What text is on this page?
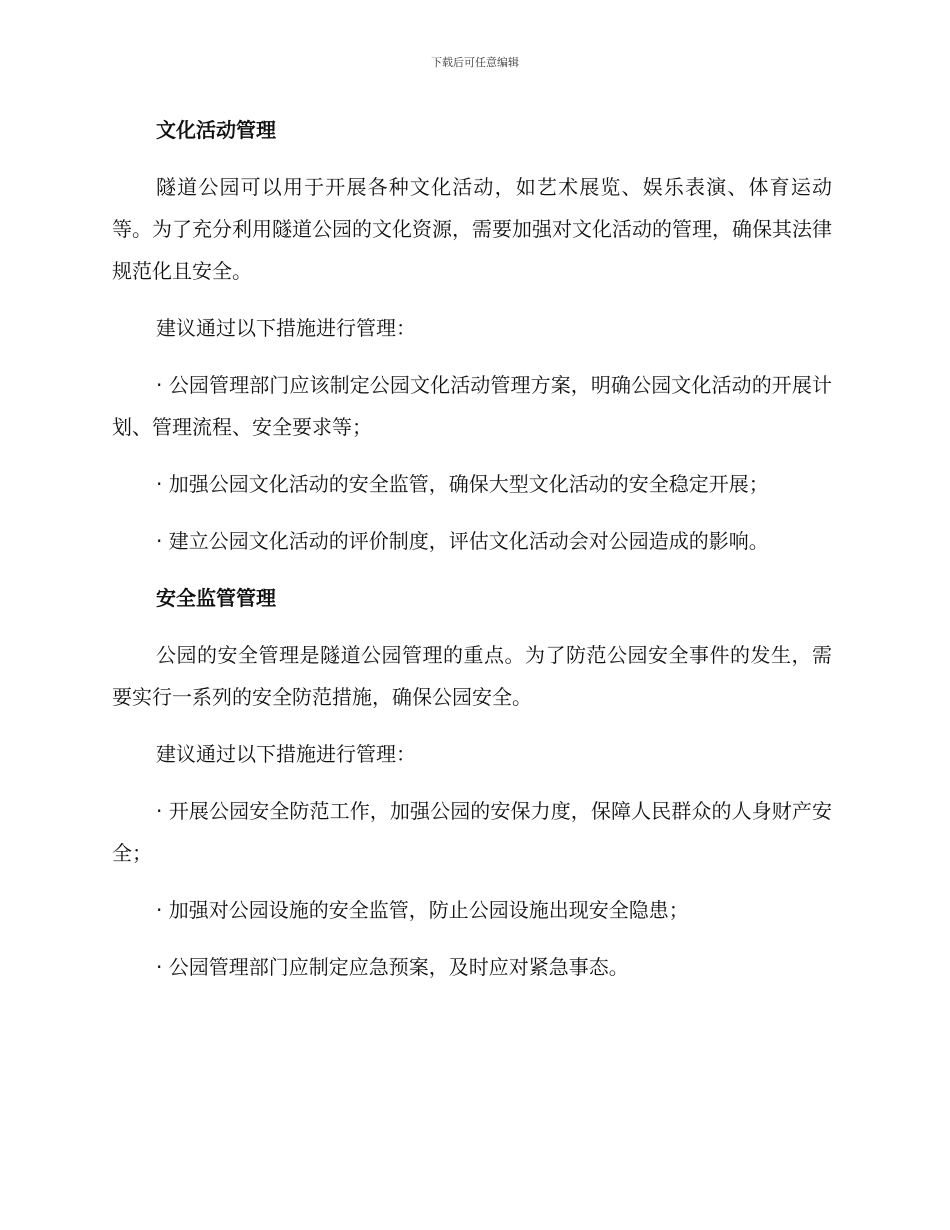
下载后可任意编辑
文化活动管理

隧道公园可以用于开展各种文化活动，如艺术展览、娱乐表演、体育运动等。为了充分利用隧道公园的文化资源，需要加强对文化活动的管理，确保其法律规范化且安全。

建议通过以下措施进行管理：

· 公园管理部门应该制定公园文化活动管理方案，明确公园文化活动的开展计划、管理流程、安全要求等；

· 加强公园文化活动的安全监管，确保大型文化活动的安全稳定开展；

· 建立公园文化活动的评价制度，评估文化活动会对公园造成的影响。

安全监管管理

公园的安全管理是隧道公园管理的重点。为了防范公园安全事件的发生，需要实行一系列的安全防范措施，确保公园安全。

建议通过以下措施进行管理：

· 开展公园安全防范工作，加强公园的安保力度，保障人民群众的人身财产安全；

· 加强对公园设施的安全监管，防止公园设施出现安全隐患；

· 公园管理部门应制定应急预案，及时应对紧急事态。
